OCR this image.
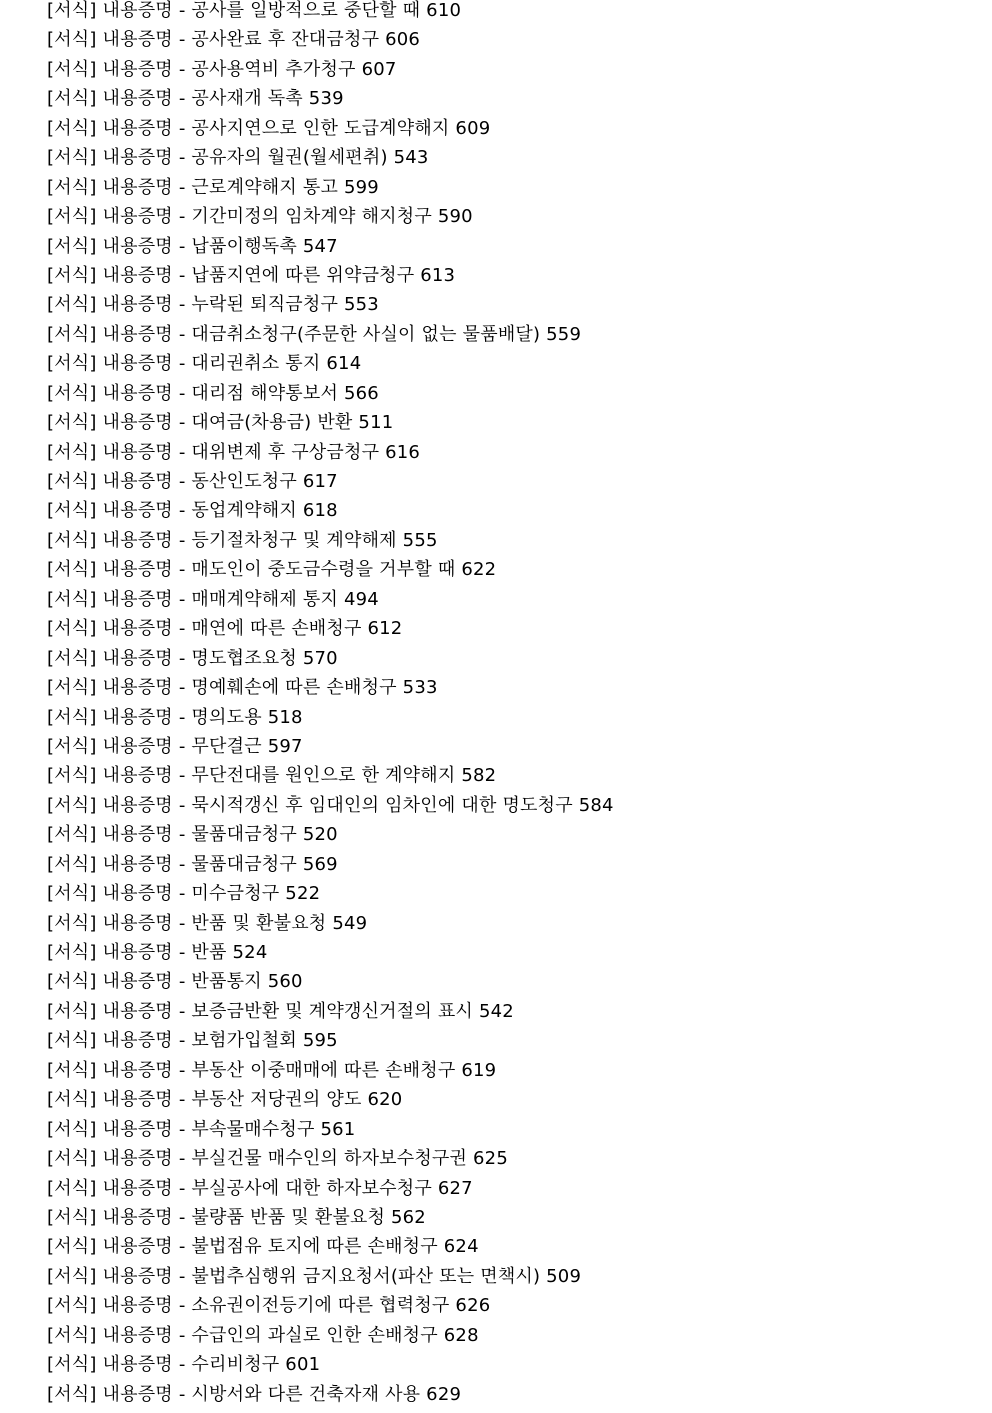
[서식] 내용증명 - 공사를 일방적으로 중단할 때 610
[서식] 내용증명 - 공사완료 후 잔대금청구 606
[서식] 내용증명 - 공사용역비 추가청구 607
[서식] 내용증명 - 공사재개 독촉 539
[서식] 내용증명 - 공사지연으로 인한 도급계약해지 609
[서식] 내용증명 - 공유자의 월권(월세편취) 543
[서식] 내용증명 - 근로계약해지 통고 599
[서식] 내용증명 - 기간미정의 임차계약 해지청구 590
[서식] 내용증명 - 납품이행독촉 547
[서식] 내용증명 - 납품지연에 따른 위약금청구 613
[서식] 내용증명 - 누락된 퇴직금청구 553
[서식] 내용증명 - 대금취소청구(주문한 사실이 없는 물품배달) 559
[서식] 내용증명 - 대리권취소 통지 614
[서식] 내용증명 - 대리점 해약통보서 566
[서식] 내용증명 - 대여금(차용금) 반환 511
[서식] 내용증명 - 대위변제 후 구상금청구 616
[서식] 내용증명 - 동산인도청구 617
[서식] 내용증명 - 동업계약해지 618
[서식] 내용증명 - 등기절차청구 및 계약해제 555
[서식] 내용증명 - 매도인이 중도금수령을 거부할 때 622
[서식] 내용증명 - 매매계약해제 통지 494
[서식] 내용증명 - 매연에 따른 손배청구 612
[서식] 내용증명 - 명도협조요청 570
[서식] 내용증명 - 명예훼손에 따른 손배청구 533
[서식] 내용증명 - 명의도용 518
[서식] 내용증명 - 무단결근 597
[서식] 내용증명 - 무단전대를 원인으로 한 계약해지 582
[서식] 내용증명 - 묵시적갱신 후 임대인의 임차인에 대한 명도청구 584
[서식] 내용증명 - 물품대금청구 520
[서식] 내용증명 - 물품대금청구 569
[서식] 내용증명 - 미수금청구 522
[서식] 내용증명 - 반품 및 환불요청 549
[서식] 내용증명 - 반품 524
[서식] 내용증명 - 반품통지 560
[서식] 내용증명 - 보증금반환 및 계약갱신거절의 표시 542
[서식] 내용증명 - 보험가입철회 595
[서식] 내용증명 - 부동산 이중매매에 따른 손배청구 619
[서식] 내용증명 - 부동산 저당권의 양도 620
[서식] 내용증명 - 부속물매수청구 561
[서식] 내용증명 - 부실건물 매수인의 하자보수청구권 625
[서식] 내용증명 - 부실공사에 대한 하자보수청구 627
[서식] 내용증명 - 불량품 반품 및 환불요청 562
[서식] 내용증명 - 불법점유 토지에 따른 손배청구 624
[서식] 내용증명 - 불법추심행위 금지요청서(파산 또는 면책시) 509
[서식] 내용증명 - 소유권이전등기에 따른 협력청구 626
[서식] 내용증명 - 수급인의 과실로 인한 손배청구 628
[서식] 내용증명 - 수리비청구 601
[서식] 내용증명 - 시방서와 다른 건축자재 사용 629
